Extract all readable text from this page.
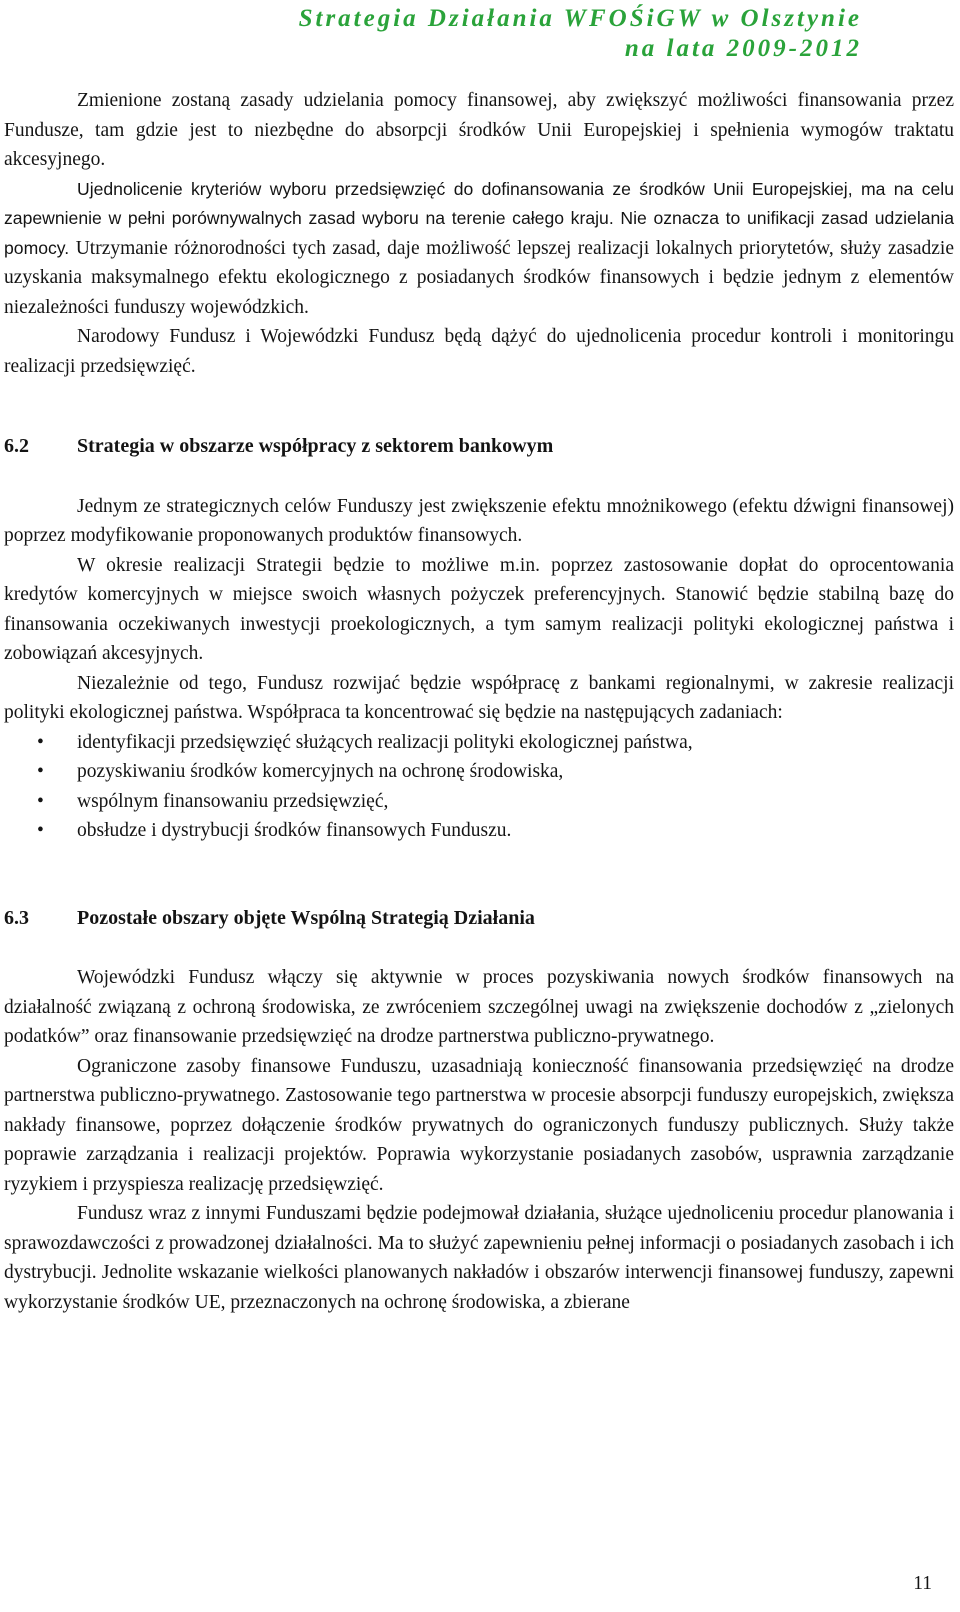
Strategia Działania WFOŚiGW w Olsztynie
na lata 2009-2012

Zmienione zostaną zasady udzielania pomocy finansowej, aby zwiększyć możliwości finansowania przez Fundusze, tam gdzie jest to niezbędne do absorpcji środków Unii Europejskiej i spełnienia wymogów traktatu akcesyjnego.

Ujednolicenie kryteriów wyboru przedsięwzięć do dofinansowania ze środków Unii Europejskiej, ma na celu zapewnienie w pełni porównywalnych zasad wyboru na terenie całego kraju. Nie oznacza to unifikacji zasad udzielania pomocy. Utrzymanie różnorodności tych zasad, daje możliwość lepszej realizacji lokalnych priorytetów, służy zasadzie uzyskania maksymalnego efektu ekologicznego z posiadanych środków finansowych i będzie jednym z elementów niezależności funduszy wojewódzkich.

Narodowy Fundusz i Wojewódzki Fundusz będą dążyć do ujednolicenia procedur kontroli i monitoringu realizacji przedsięwzięć.

6.2	Strategia w obszarze współpracy z sektorem bankowym

Jednym ze strategicznych celów Funduszy jest zwiększenie efektu mnożnikowego (efektu dźwigni finansowej) poprzez modyfikowanie proponowanych produktów finansowych.

W okresie realizacji Strategii będzie to możliwe m.in. poprzez zastosowanie dopłat do oprocentowania kredytów komercyjnych w miejsce swoich własnych pożyczek preferencyjnych. Stanowić będzie stabilną bazę do finansowania oczekiwanych inwestycji proekologicznych, a tym samym realizacji polityki ekologicznej państwa i zobowiązań akcesyjnych.

Niezależnie od tego, Fundusz rozwijać będzie współpracę z bankami regionalnymi, w zakresie realizacji polityki ekologicznej państwa. Współpraca ta koncentrować się będzie na następujących zadaniach:

• identyfikacji przedsięwzięć służących realizacji polityki ekologicznej państwa,
• pozyskiwaniu środków komercyjnych na ochronę środowiska,
• wspólnym finansowaniu przedsięwzięć,
• obsłudze i dystrybucji środków finansowych Funduszu.
6.3	Pozostałe obszary objęte Wspólną Strategią Działania

Wojewódzki Fundusz włączy się aktywnie w proces pozyskiwania nowych środków finansowych na działalność związaną z ochroną środowiska, ze zwróceniem szczególnej uwagi na zwiększenie dochodów z „zielonych podatków” oraz finansowanie przedsięwzięć na drodze partnerstwa publiczno-prywatnego.

Ograniczone zasoby finansowe Funduszu, uzasadniają konieczność finansowania przedsięwzięć na drodze partnerstwa publiczno-prywatnego. Zastosowanie tego partnerstwa w procesie absorpcji funduszy europejskich, zwiększa nakłady finansowe, poprzez dołączenie środków prywatnych do ograniczonych funduszy publicznych. Służy także poprawie zarządzania i realizacji projektów. Poprawia wykorzystanie posiadanych zasobów, usprawnia zarządzanie ryzykiem i przyspiesza realizację przedsięwzięć.

Fundusz wraz z innymi Funduszami będzie podejmował działania, służące ujednoliceniu procedur planowania i sprawozdawczości z prowadzonej działalności. Ma to służyć zapewnieniu pełnej informacji o posiadanych zasobach i ich dystrybucji. Jednolite wskazanie wielkości planowanych nakładów i obszarów interwencji finansowej funduszy, zapewni wykorzystanie środków UE, przeznaczonych na ochronę środowiska, a zbierane

11
